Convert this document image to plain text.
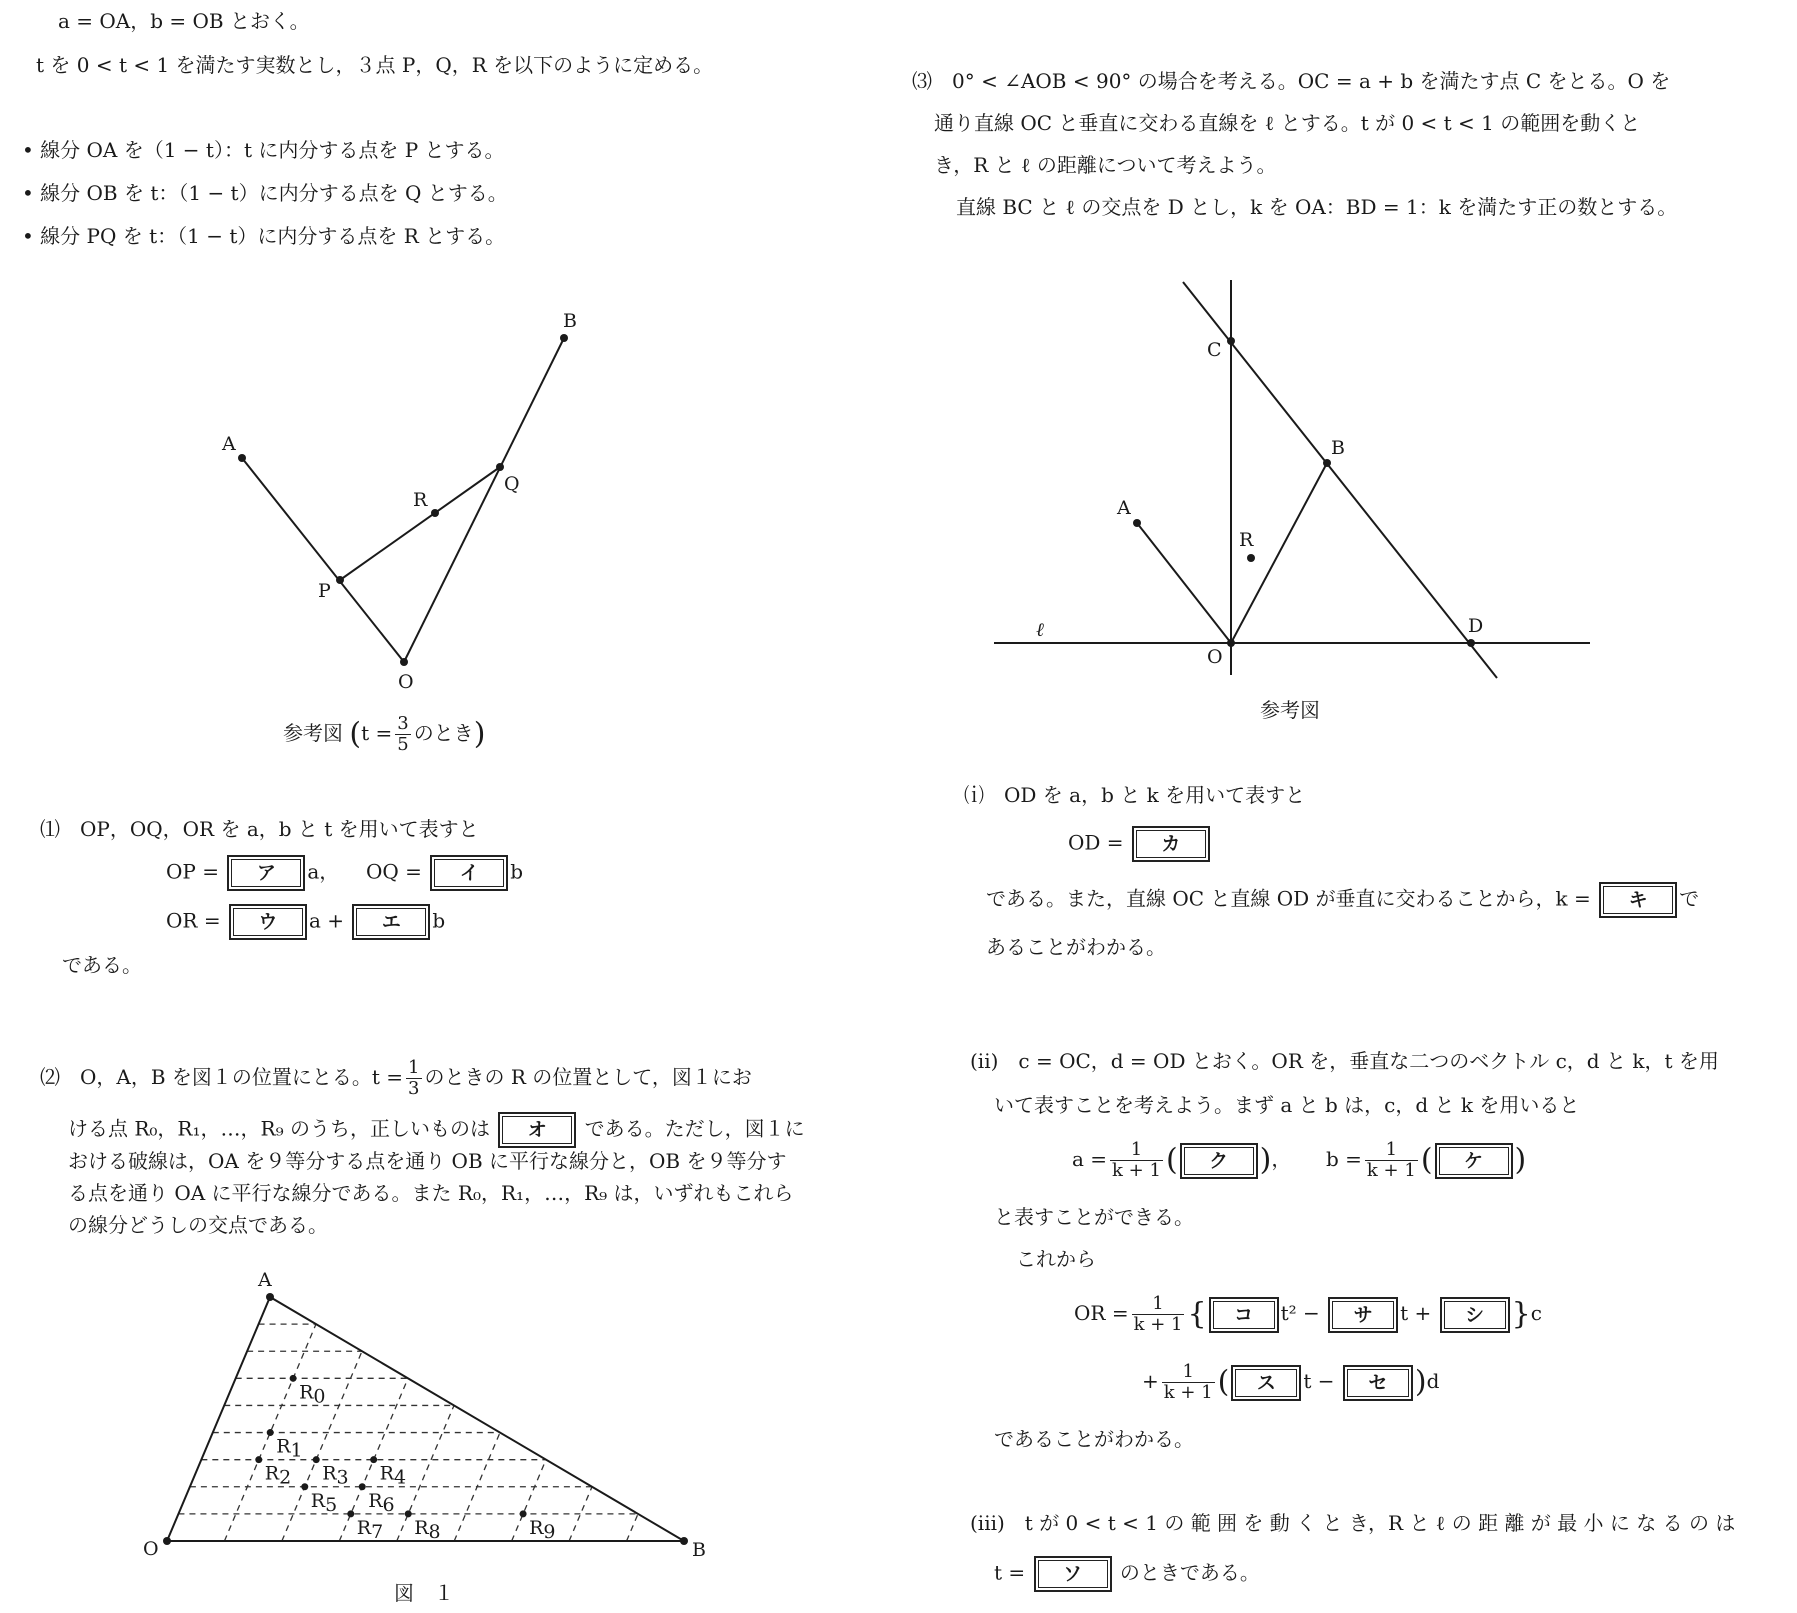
a = OA，b = OB とおく。

t を 0 < t < 1 を満たす実数とし，３点 P，Q，R を以下のように定める。

• 線分 OA を（1 − t）：t に内分する点を P とする。

• 線分 OB を t：（1 − t）に内分する点を Q とする。

• 線分 PQ を t：（1 − t）に内分する点を R とする。

A
B
O
P
Q
R
参考図 ($t = \frac{3}{5}$ のとき)

⑴　OP，OQ，OR を a，b と t を用いて表すと

OP =	ア	a， OQ =	イ	b
OR =	ウ	a +	エ	b

である。

⑵　O，A，B を図１の位置にとる。$t = \frac{1}{3}$ のときの R の位置として，図１にお
ける点 R₀，R₁，…，R₉ のうち，正しいものは	オ	である。ただし，図１に

おける破線は，OA を９等分する点を通り OB に平行な線分と，OB を９等分す

る点を通り OA に平行な線分である。また R₀，R₁，…，R₉ は，いずれもこれら

の線分どうしの交点である。

O
A
B
R0
R1
R2 R3 R4
R5 R6
R7 R8	R9

図　１

⑶　0° < ∠AOB < 90° の場合を考える。OC = a + b を満たす点 C をとる。O を

通り直線 OC と垂直に交わる直線を ℓ とする。t が 0 < t < 1 の範囲を動くと

き，R と ℓ の距離について考えよう。

直線 BC と ℓ の交点を D とし，k を OA：BD = 1：k を満たす正の数とする。

C
B
A
R
ℓ
O
D

参考図

⒤　OD を a，b と k を用いて表すと

OD =	カ
である。また，直線 OC と直線 OD が垂直に交わることから，k =	キ	で

あることがわかる。

(ii)　c = OC，d = OD とおく。OR を，垂直な二つのベクトル c，d と k，t を用

いて表すことを考えよう。まず a と b は，c，d と k を用いると

$a = \frac{1}{k + 1}$ (	ク	)， $b = \frac{1}{k + 1}$ (	ケ	)

と表すことができる。

これから

OR = $\frac{1}{k + 1}$ {	コ	t² −	サ	t +	シ }c
+ $\frac{1}{k + 1}$ (	ス	t −	セ )d

であることがわかる。

(iii)　t が 0 < t < 1 の 範 囲 を 動 く と き，R と ℓ の 距 離 が 最 小 に な る の は

t =	ソ	のときである。
